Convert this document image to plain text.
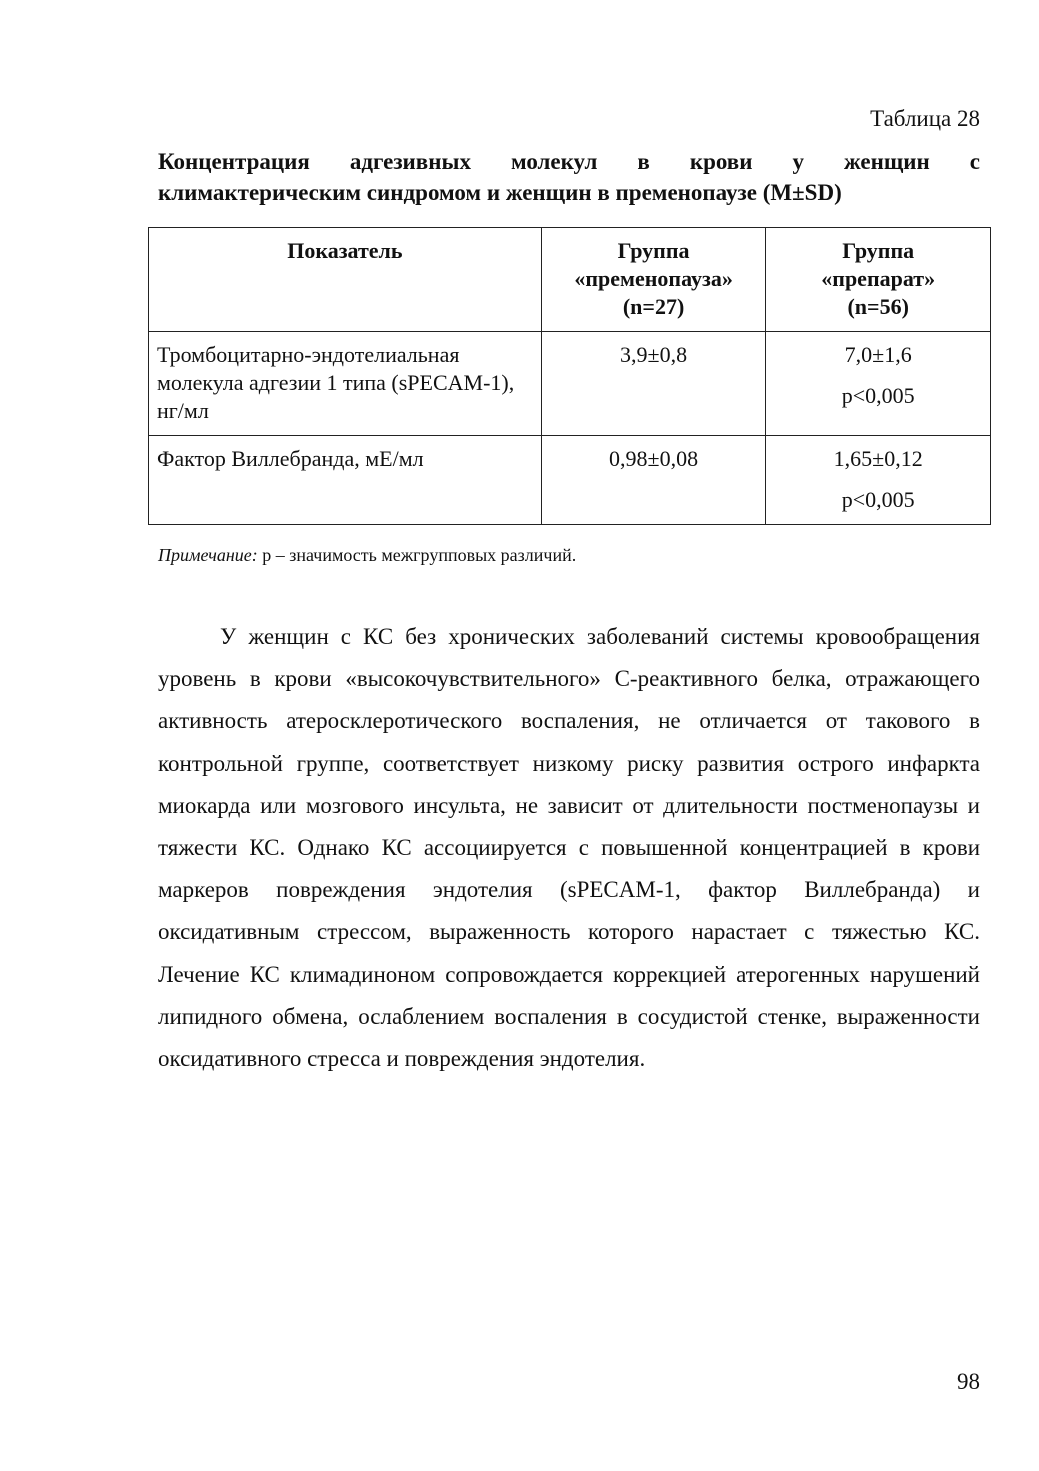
Таблица 28
Концентрация адгезивных молекул в крови у женщин с
климактерическим синдромом и женщин в пременопаузе (M±SD)
Показатель	Группа «пременопауза» (n=27)	Группа «препарат» (n=56)

Тромбоцитарно-эндотелиальная молекула адгезии 1 типа (sPECAM-1), нг/мл	3,9±0,8	7,0±1,6
p<0,005

Фактор Виллебранда, мЕ/мл	0,98±0,08	1,65±0,12
p<0,005
Примечание: p – значимость межгрупповых различий.

У женщин с КС без хронических заболеваний системы кровообращения уровень в крови «высокочувствительного» С-реактивного белка, отражающего активность атеросклеротического воспаления, не отличается от такового в контрольной группе, соответствует низкому риску развития острого инфаркта миокарда или мозгового инсульта, не зависит от длительности постменопаузы и тяжести КС. Однако КС ассоциируется с повышенной концентрацией в крови маркеров повреждения эндотелия (sPECAM-1, фактор Виллебранда) и оксидативным стрессом, выраженность которого нарастает с тяжестью КС. Лечение КС климадиноном сопровождается коррекцией атерогенных нарушений липидного обмена, ослаблением воспаления в сосудистой стенке, выраженности оксидативного стресса и повреждения эндотелия.

98
